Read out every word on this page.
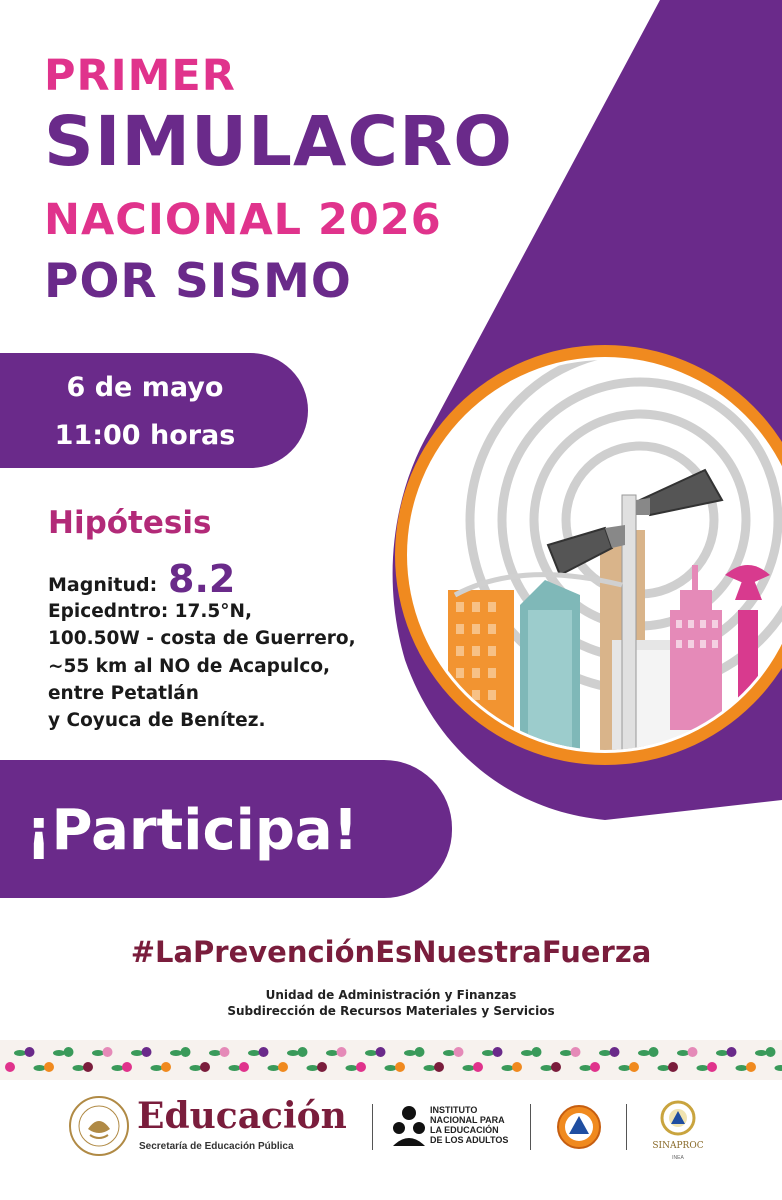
PRIMER
SIMULACRO
NACIONAL 2026
POR SISMO
6 de mayo
11:00 horas
Hipótesis
Magnitud: 8.2
Epicedntro: 17.5°N,
100.50W - costa de Guerrero,
~55 km al NO de Acapulco,
entre Petatlán
y Coyuca de Benítez.
¡Participa!
#LaPrevenciónEsNuestraFuerza
Unidad de Administración y Finanzas
Subdirección de Recursos Materiales y Servicios
Educación
Secretaría de Educación Pública
INSTITUTO
NACIONAL PARA
LA EDUCACIÓN
DE LOS ADULTOS
SINAPROC
INEA
